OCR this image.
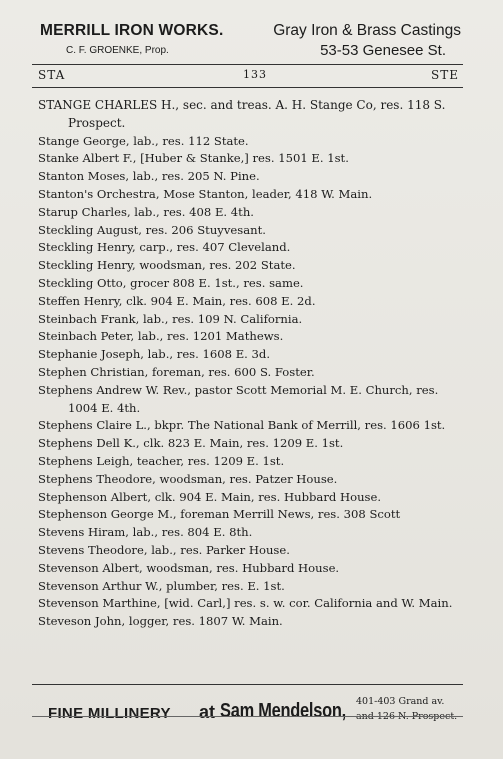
MERRILL IRON WORKS.
C. F. GROENKE, Prop.
Gray Iron & Brass Castings
53-53 Genesee St.
STA	133	STE

STANGE CHARLES H., sec. and treas. A. H. Stange Co, res. 118 S. Prospect.

Stange George, lab., res. 112 State.

Stanke Albert F., [Huber & Stanke,] res. 1501 E. 1st.

Stanton Moses, lab., res. 205 N. Pine.

Stanton's Orchestra, Mose Stanton, leader, 418 W. Main.

Starup Charles, lab., res. 408 E. 4th.

Steckling August, res. 206 Stuyvesant.

Steckling Henry, carp., res. 407 Cleveland.

Steckling Henry, woodsman, res. 202 State.

Steckling Otto, grocer 808 E. 1st., res. same.

Steffen Henry, clk. 904 E. Main, res. 608 E. 2d.

Steinbach Frank, lab., res. 109 N. California.

Steinbach Peter, lab., res. 1201 Mathews.

Stephanie Joseph, lab., res. 1608 E. 3d.

Stephen Christian, foreman, res. 600 S. Foster.

Stephens Andrew W. Rev., pastor Scott Memorial M. E. Church, res. 1004 E. 4th.

Stephens Claire L., bkpr. The National Bank of Merrill, res. 1606 1st.

Stephens Dell K., clk. 823 E. Main, res. 1209 E. 1st.

Stephens Leigh, teacher, res. 1209 E. 1st.

Stephens Theodore, woodsman, res. Patzer House.

Stephenson Albert, clk. 904 E. Main, res. Hubbard House.

Stephenson George M., foreman Merrill News, res. 308 Scott

Stevens Hiram, lab., res. 804 E. 8th.

Stevens Theodore, lab., res. Parker House.

Stevenson Albert, woodsman, res. Hubbard House.

Stevenson Arthur W., plumber, res. E. 1st.

Stevenson Marthine, [wid. Carl,] res. s. w. cor. California and W. Main.

Steveson John, logger, res. 1807 W. Main.

FINE MILLINERY at Sam Mendelson, 401-403 Grand av.
and 126 N. Prospect.
